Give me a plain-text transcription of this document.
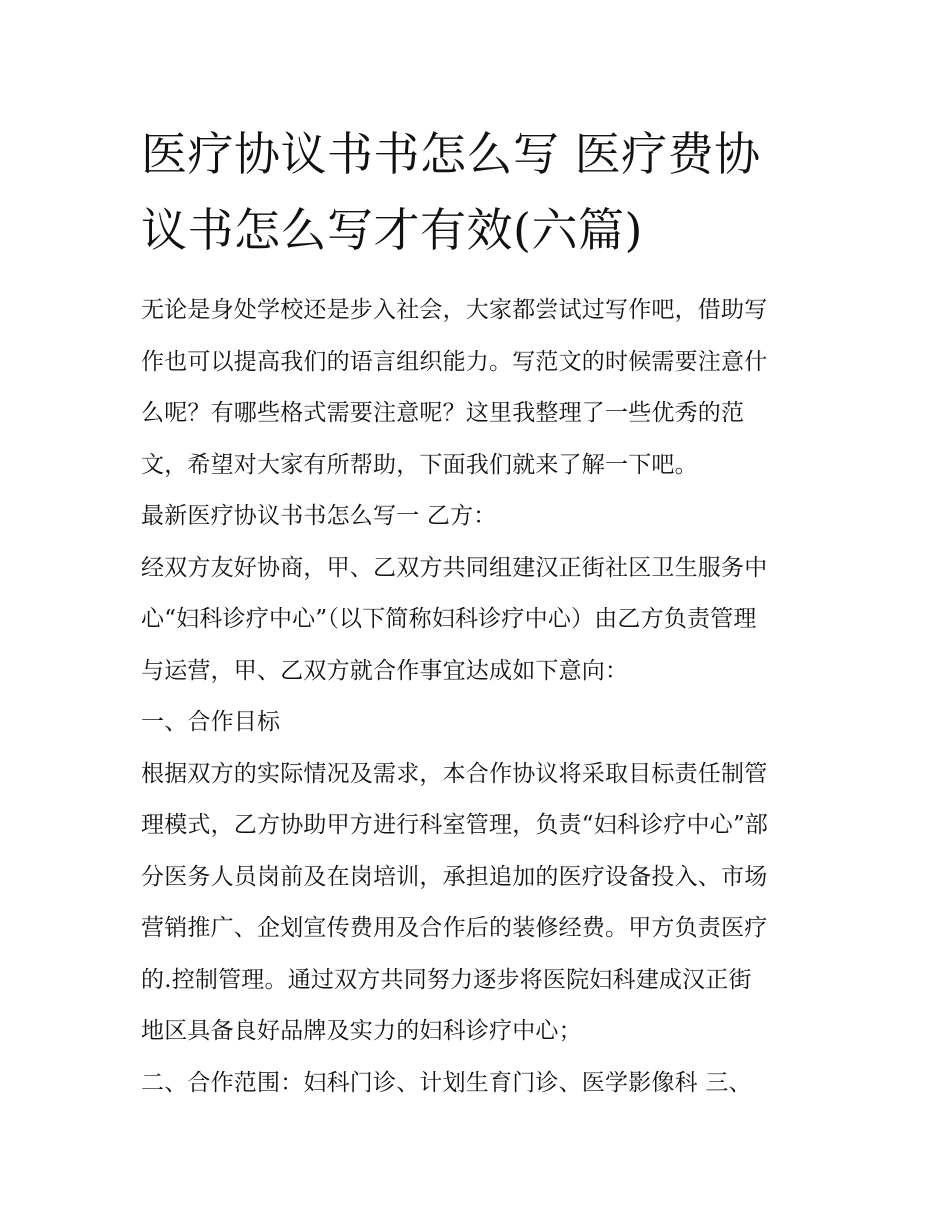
医疗协议书书怎么写 医疗费协
议书怎么写才有效(六篇)

无论是身处学校还是步入社会，大家都尝试过写作吧，借助写
作也可以提高我们的语言组织能力。写范文的时候需要注意什
么呢？有哪些格式需要注意呢？这里我整理了一些优秀的范
文，希望对大家有所帮助，下面我们就来了解一下吧。

最新医疗协议书书怎么写一 乙方：

经双方友好协商，甲、乙双方共同组建汉正街社区卫生服务中
心“妇科诊疗中心”（以下简称妇科诊疗中心）由乙方负责管理
与运营，甲、乙双方就合作事宜达成如下意向：

一、合作目标

根据双方的实际情况及需求，本合作协议将采取目标责任制管
理模式，乙方协助甲方进行科室管理，负责“妇科诊疗中心”部
分医务人员岗前及在岗培训，承担追加的医疗设备投入、市场
营销推广、企划宣传费用及合作后的装修经费。甲方负责医疗
的.控制管理。通过双方共同努力逐步将医院妇科建成汉正街
地区具备良好品牌及实力的妇科诊疗中心；

二、合作范围：妇科门诊、计划生育门诊、医学影像科 三、
